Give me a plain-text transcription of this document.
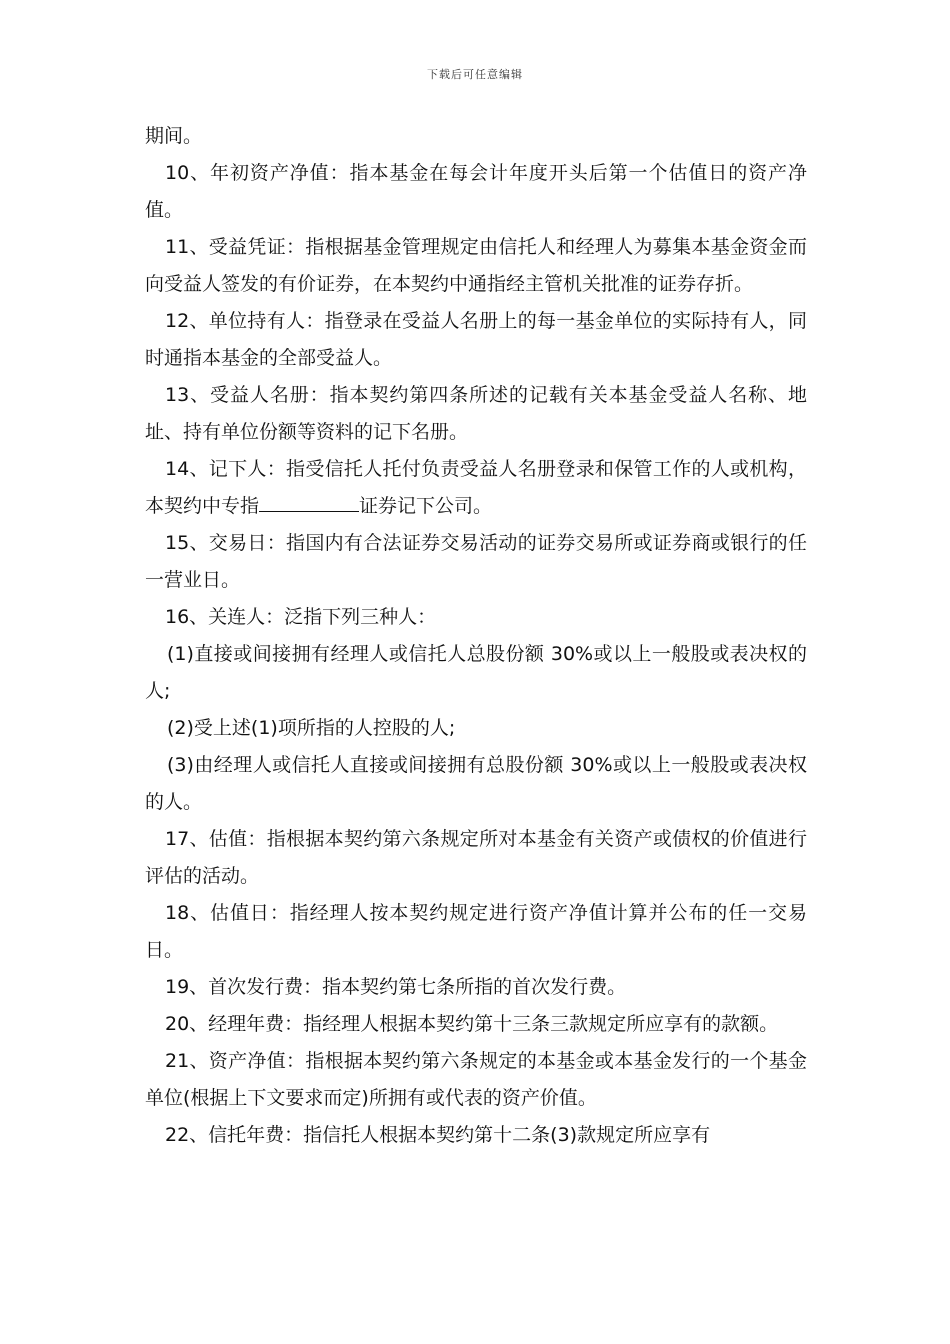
下载后可任意编辑

期间。

10、年初资产净值：指本基金在每会计年度开头后第一个估值日的资产净值。

11、受益凭证：指根据基金管理规定由信托人和经理人为募集本基金资金而向受益人签发的有价证券，在本契约中通指经主管机关批准的证券存折。

12、单位持有人：指登录在受益人名册上的每一基金单位的实际持有人，同时通指本基金的全部受益人。

13、受益人名册：指本契约第四条所述的记载有关本基金受益人名称、地址、持有单位份额等资料的记下名册。

14、记下人：指受信托人托付负责受益人名册登录和保管工作的人或机构，本契约中专指	证券记下公司。

15、交易日：指国内有合法证券交易活动的证券交易所或证券商或银行的任一营业日。

16、关连人：泛指下列三种人：

(1)直接或间接拥有经理人或信托人总股份额 30%或以上一般股或表决权的人;

(2)受上述(1)项所指的人控股的人;

(3)由经理人或信托人直接或间接拥有总股份额 30%或以上一般股或表决权的人。

17、估值：指根据本契约第六条规定所对本基金有关资产或债权的价值进行评估的活动。

18、估值日：指经理人按本契约规定进行资产净值计算并公布的任一交易日。

19、首次发行费：指本契约第七条所指的首次发行费。

20、经理年费：指经理人根据本契约第十三条三款规定所应享有的款额。

21、资产净值：指根据本契约第六条规定的本基金或本基金发行的一个基金单位(根据上下文要求而定)所拥有或代表的资产价值。

22、信托年费：指信托人根据本契约第十二条(3)款规定所应享有
